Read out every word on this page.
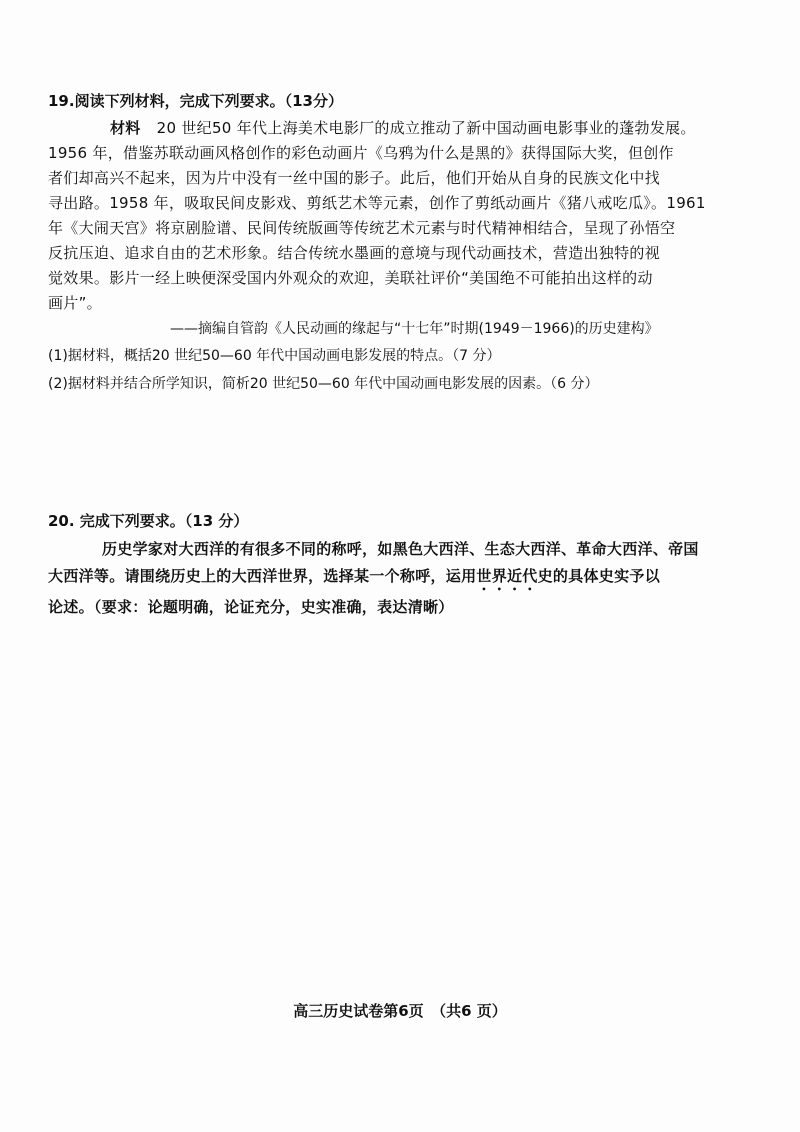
19.阅读下列材料，完成下列要求。（13分）
材料 20 世纪50 年代上海美术电影厂的成立推动了新中国动画电影事业的蓬勃发展。
1956 年，借鉴苏联动画风格创作的彩色动画片《乌鸦为什么是黑的》获得国际大奖，但创作
者们却高兴不起来，因为片中没有一丝中国的影子。此后，他们开始从自身的民族文化中找
寻出路。1958 年，吸取民间皮影戏、剪纸艺术等元素，创作了剪纸动画片《猪八戒吃瓜》。1961
年《大闹天宫》将京剧脸谱、民间传统版画等传统艺术元素与时代精神相结合，呈现了孙悟空
反抗压迫、追求自由的艺术形象。结合传统水墨画的意境与现代动画技术，营造出独特的视
觉效果。影片一经上映便深受国内外观众的欢迎，美联社评价“美国绝不可能拍出这样的动
画片”。
——摘编自管韵《人民动画的缘起与“十七年”时期(1949－1966)的历史建构》
(1)据材料，概括20 世纪50—60 年代中国动画电影发展的特点。（7 分）
(2)据材料并结合所学知识，简析20 世纪50—60 年代中国动画电影发展的因素。（6 分）
20. 完成下列要求。（13 分）
历史学家对大西洋的有很多不同的称呼，如黑色大西洋、生态大西洋、革命大西洋、帝国
大西洋等。请围绕历史上的大西洋世界，选择某一个称呼，运用世界近代史的具体史实予以
论述。（要求：论题明确，论证充分，史实准确，表达清晰）
高三历史试卷第6页　（共6 页）
